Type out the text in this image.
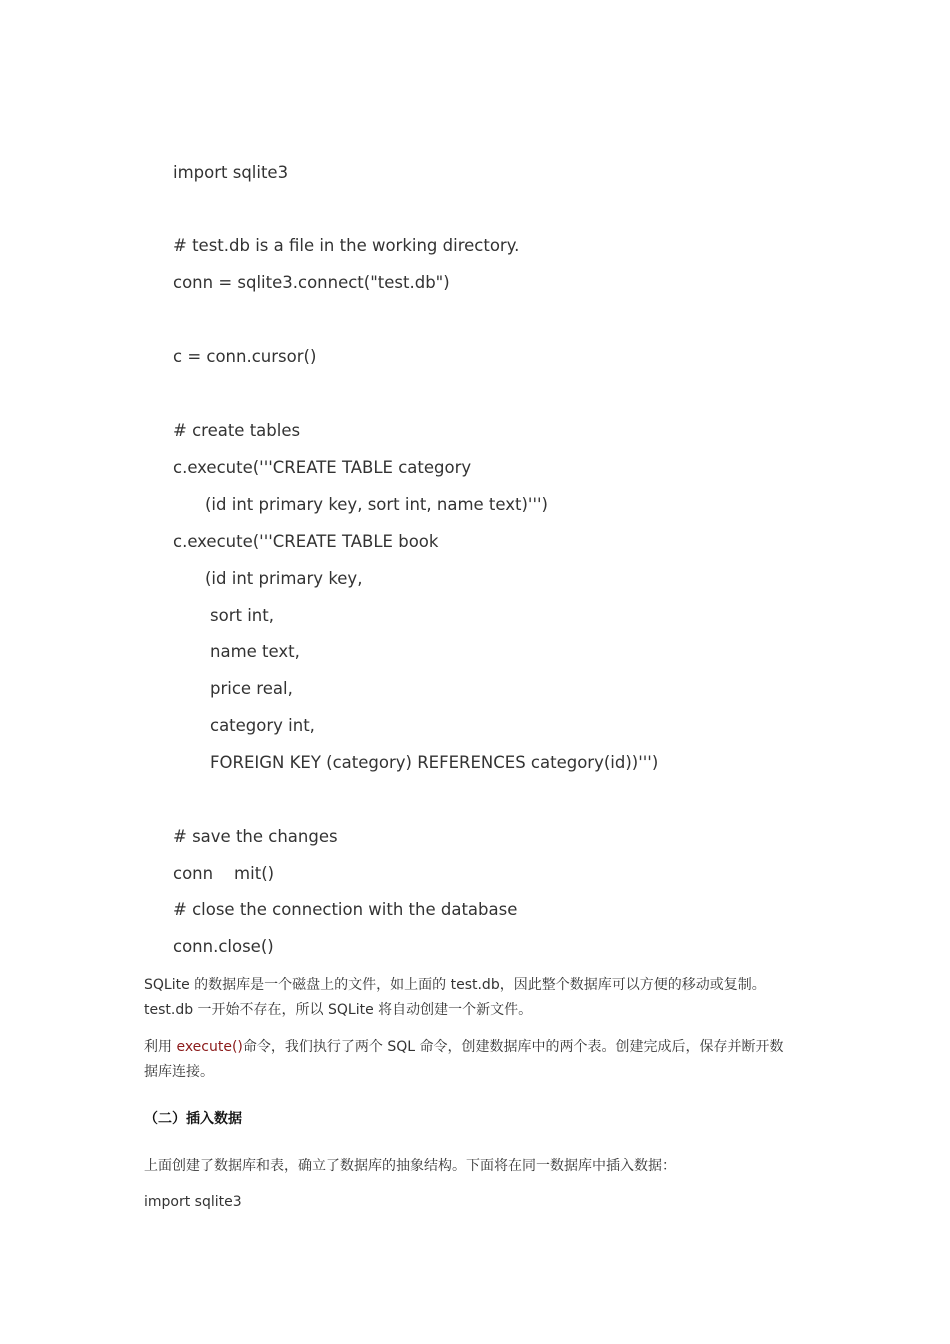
import sqlite3
# test.db is a file in the working directory.
conn = sqlite3.connect("test.db")
c = conn.cursor()
# create tables
c.execute('''CREATE TABLE category
(id int primary key, sort int, name text)''')
c.execute('''CREATE TABLE book
(id int primary key,
sort int,
name text,
price real,
category int,
FOREIGN KEY (category) REFERENCES category(id))''')
# save the changes
conn    mit()
# close the connection with the database
conn.close()
SQLite 的数据库是一个磁盘上的文件，如上面的 test.db，因此整个数据库可以方便的移动或复制。
test.db 一开始不存在，所以 SQLite 将自动创建一个新文件。
利用 execute()命令，我们执行了两个 SQL 命令，创建数据库中的两个表。创建完成后，保存并断开数
据库连接。
（二）插入数据
上面创建了数据库和表，确立了数据库的抽象结构。下面将在同一数据库中插入数据：
import sqlite3
